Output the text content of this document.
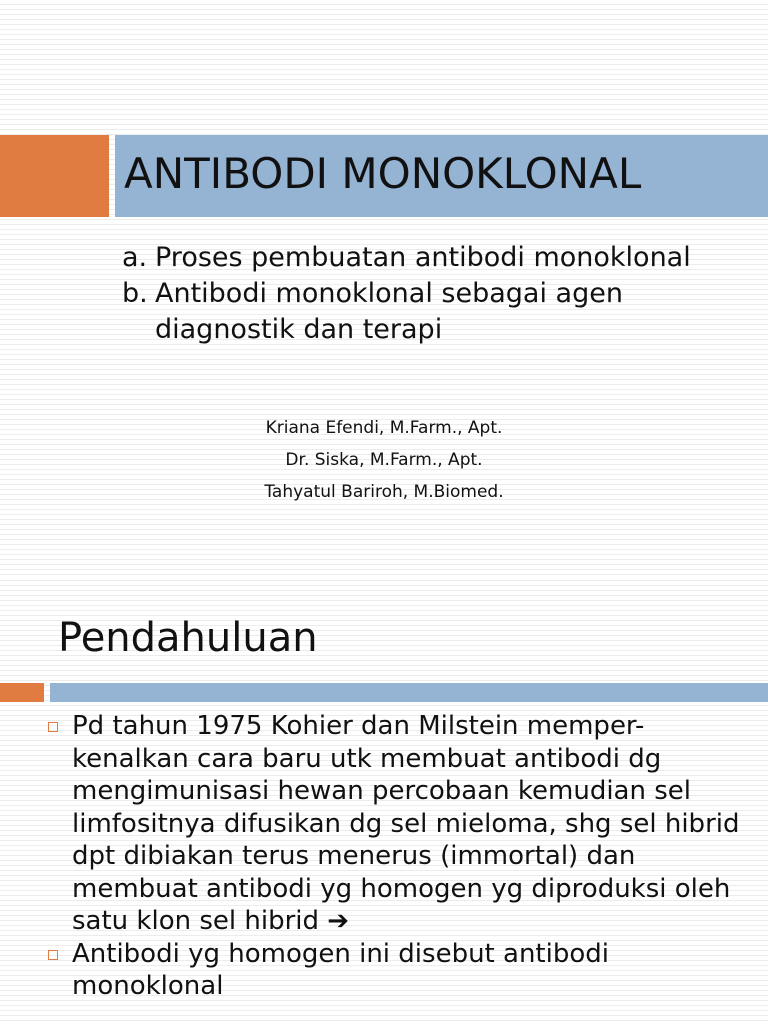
ANTIBODI MONOKLONAL
a. Proses pembuatan antibodi monoklonal
b. Antibodi monoklonal sebagai agen diagnostik dan terapi
Kriana Efendi, M.Farm., Apt.
Dr. Siska, M.Farm., Apt.
Tahyatul Bariroh, M.Biomed.
Pendahuluan
Pd tahun 1975 Kohier dan Milstein memper-kenalkan cara baru utk membuat antibodi dg mengimunisasi hewan percobaan kemudian sel limfositnya difusikan dg sel mieloma, shg sel hibrid dpt dibiakan terus menerus (immortal) dan membuat antibodi yg homogen yg diproduksi oleh satu klon sel hibrid ➔
Antibodi yg homogen ini disebut antibodi monoklonal
